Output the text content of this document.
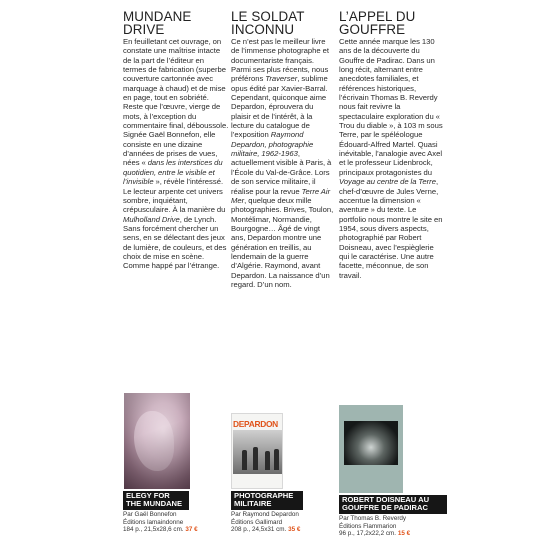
MUNDANE DRIVE

En feuilletant cet ouvrage, on constate une maîtrise intacte de la part de l’éditeur en termes de fabrication (superbe couverture cartonnée avec marquage à chaud) et de mise en page, tout en sobriété. Reste que l’œuvre, vierge de mots, à l’exception du commentaire final, déboussole. Signée Gaël Bonnefon, elle consiste en une dizaine d’années de prises de vues, nées « dans les interstices du quotidien, entre le visible et l’invisible », révèle l’intéressé. Le lecteur arpente cet univers sombre, inquiétant, crépusculaire. À la manière du Mulholland Drive, de Lynch. Sans forcément chercher un sens, en se délectant des jeux de lumière, de couleurs, et des choix de mise en scène. Comme happé par l’étrange.

LE SOLDAT INCONNU

Ce n’est pas le meilleur livre de l’immense photographe et documentariste français. Parmi ses plus récents, nous préférons Traverser, sublime opus édité par Xavier-Barral. Cependant, quiconque aime Depardon, éprouvera du plaisir et de l’intérêt, à la lecture du catalogue de l’exposition Raymond Depardon, photographie militaire, 1962-1963, actuellement visible à Paris, à l’École du Val-de-Grâce. Lors de son service militaire, il réalise pour la revue Terre Air Mer, quelque deux mille photographies. Brives, Toulon, Montélimar, Normandie, Bourgogne… Âgé de vingt ans, Depardon montre une génération en treillis, au lendemain de la guerre d’Algérie. Raymond, avant Depardon. La naissance d’un regard. D’un nom.

L’APPEL DU GOUFFRE

Cette année marque les 130 ans de la découverte du Gouffre de Padirac. Dans un long récit, alternant entre anecdotes familiales, et références historiques, l’écrivain Thomas B. Reverdy nous fait revivre la spectaculaire exploration du « Trou du diable », à 103 m sous Terre, par le spéléologue Édouard-Alfred Martel. Quasi inévitable, l’analogie avec Axel et le professeur Lidenbrock, principaux protagonistes du Voyage au centre de la Terre, chef-d’œuvre de Jules Verne, accentue la dimension « aventure » du texte. Le portfolio nous montre le site en 1954, sous divers aspects, photographié par Robert Doisneau, avec l’espièglerie qui le caractérise. Une autre facette, méconnue, de son travail.

ELEGY FOR THE MUNDANE
Par Gaël Bonnefon
Éditions lamaindonne
184 p., 21,5x28,6 cm. 37 €
DEPARDON
PHOTOGRAPHE MILITAIRE
Par Raymond Depardon
Éditions Gallimard
208 p., 24,5x31 cm. 35 €
ROBERT DOISNEAU AU GOUFFRE DE PADIRAC
Par Thomas B. Reverdy
Éditions Flammarion
96 p., 17,2x22,2 cm. 15 €
